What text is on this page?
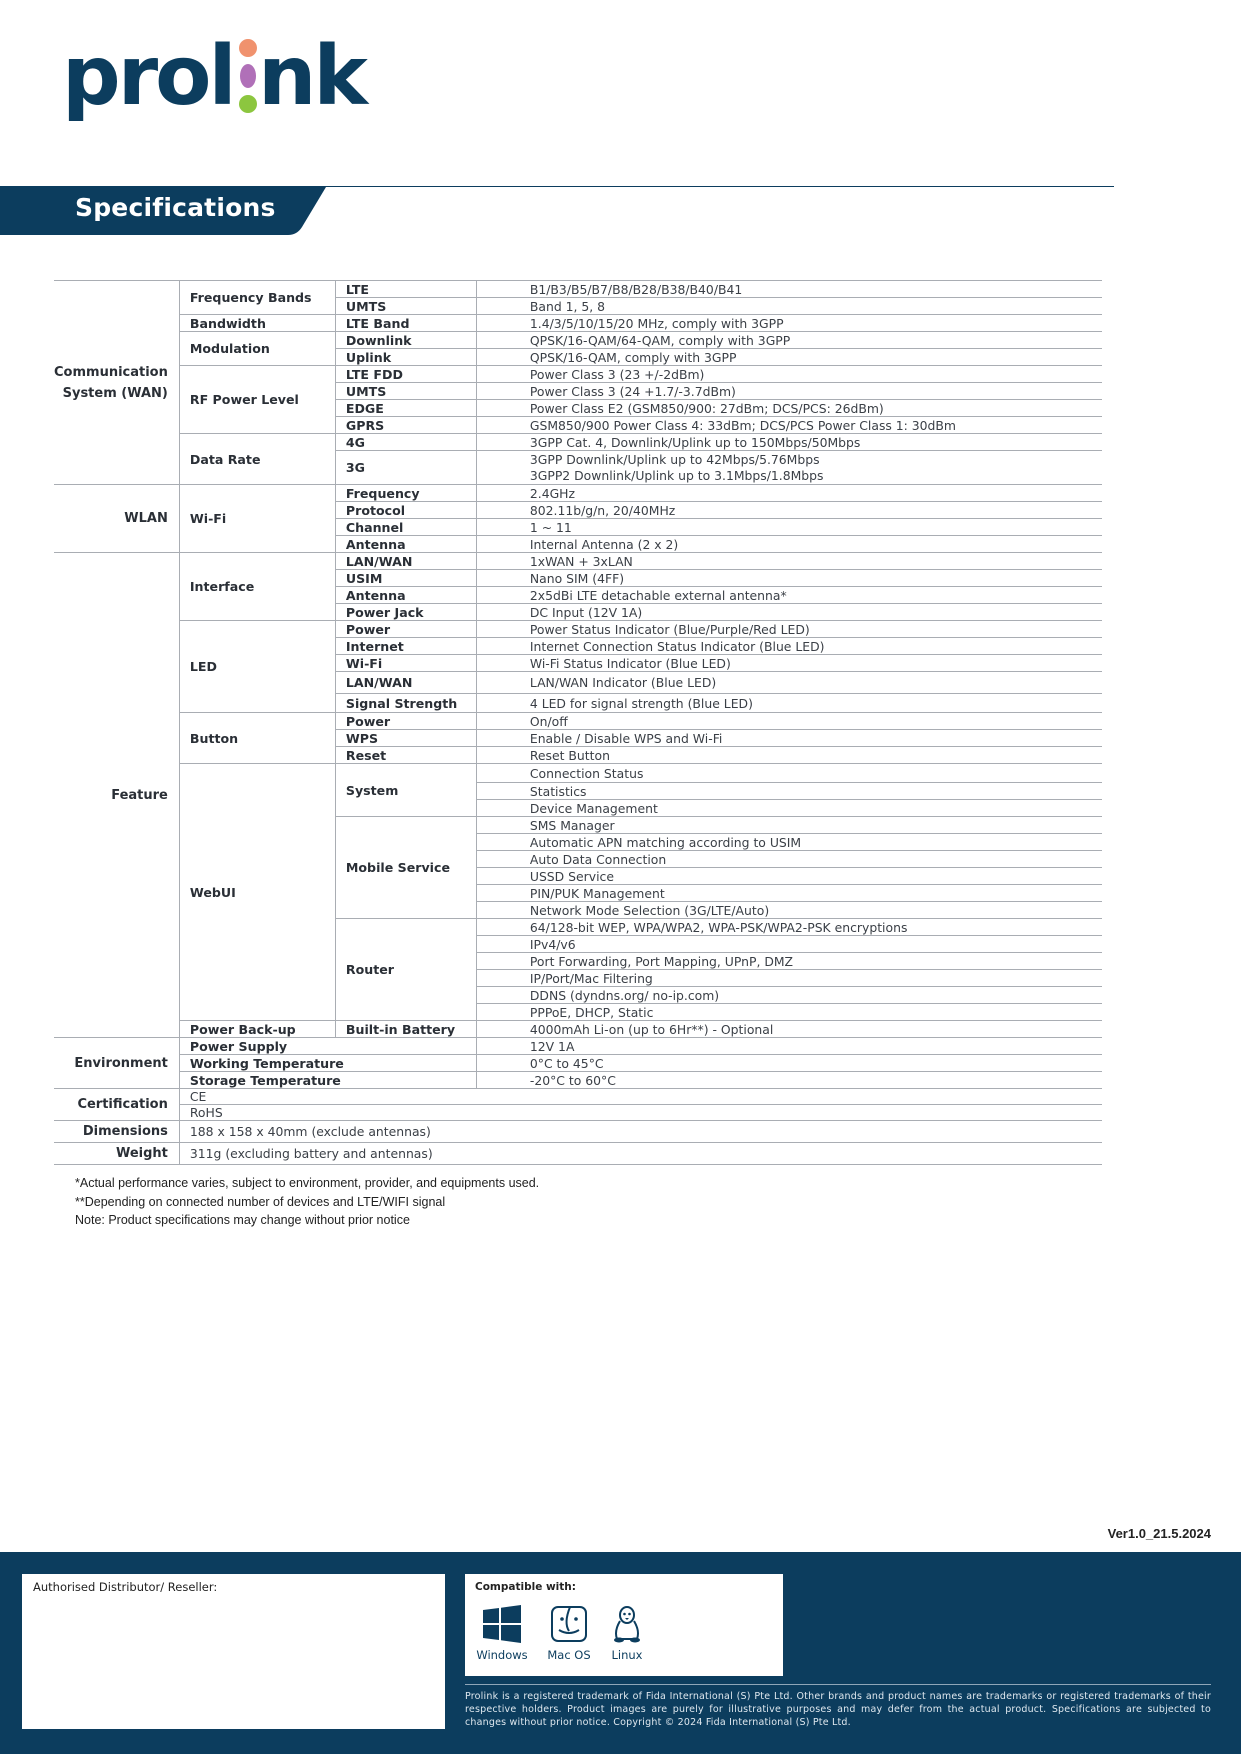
prol nk
Specifications
Communication System (WAN)	Frequency Bands	LTE	B1/B3/B5/B7/B8/B28/B38/B40/B41
		UMTS	Band 1, 5, 8
	Bandwidth	LTE Band	1.4/3/5/10/15/20 MHz, comply with 3GPP
	Modulation	Downlink	QPSK/16-QAM/64-QAM, comply with 3GPP
		Uplink	QPSK/16-QAM, comply with 3GPP
	RF Power Level	LTE FDD	Power Class 3 (23 +/-2dBm)
		UMTS	Power Class 3 (24 +1.7/-3.7dBm)
		EDGE	Power Class E2 (GSM850/900: 27dBm; DCS/PCS: 26dBm)
		GPRS	GSM850/900 Power Class 4: 33dBm; DCS/PCS Power Class 1: 30dBm
	Data Rate	4G	3GPP Cat. 4, Downlink/Uplink up to 150Mbps/50Mbps
		3G	3GPP Downlink/Uplink up to 42Mbps/5.76Mbps
			3GPP2 Downlink/Uplink up to 3.1Mbps/1.8Mbps
WLAN	Wi-Fi	Frequency	2.4GHz
		Protocol	802.11b/g/n, 20/40MHz
		Channel	1 ~ 11
		Antenna	Internal Antenna (2 x 2)
Feature	Interface	LAN/WAN	1xWAN + 3xLAN
		USIM	Nano SIM (4FF)
		Antenna	2x5dBi LTE detachable external antenna*
		Power Jack	DC Input (12V 1A)
	LED	Power	Power Status Indicator (Blue/Purple/Red LED)
		Internet	Internet Connection Status Indicator (Blue LED)
		Wi-Fi	Wi-Fi Status Indicator (Blue LED)
		LAN/WAN	LAN/WAN Indicator (Blue LED)
		Signal Strength	4 LED for signal strength (Blue LED)
	Button	Power	On/off
		WPS	Enable / Disable WPS and Wi-Fi
		Reset	Reset Button
	WebUI	System	Connection Status
			Statistics
			Device Management
		Mobile Service	SMS Manager
			Automatic APN matching according to USIM
			Auto Data Connection
			USSD Service
			PIN/PUK Management
			Network Mode Selection (3G/LTE/Auto)
		Router	64/128-bit WEP, WPA/WPA2, WPA-PSK/WPA2-PSK encryptions
			IPv4/v6
			Port Forwarding, Port Mapping, UPnP, DMZ
			IP/Port/Mac Filtering
			DDNS (dyndns.org/ no-ip.com)
			PPPoE, DHCP, Static
	Power Back-up	Built-in Battery	4000mAh Li-on (up to 6Hr**) - Optional
Environment	Power Supply		12V 1A
	Working Temperature		0°C to 45°C
	Storage Temperature		-20°C to 60°C
Certification	CE		
	RoHS		
Dimensions	188 x 158 x 40mm (exclude antennas)		
Weight	311g (excluding battery and antennas)		
*Actual performance varies, subject to environment, provider, and equipments used.
**Depending on connected number of devices and LTE/WIFI signal
Note: Product specifications may change without prior notice
Ver1.0_21.5.2024
Authorised Distributor/ Reseller:	Compatible with:
Windows	Mac OS	Linux
Prolink is a registered trademark of Fida International (S) Pte Ltd. Other brands and product names are trademarks or registered trademarks of their respective holders. Product images are purely for illustrative purposes and may defer from the actual product. Specifications are subjected to changes without prior notice. Copyright © 2024 Fida International (S) Pte Ltd.
